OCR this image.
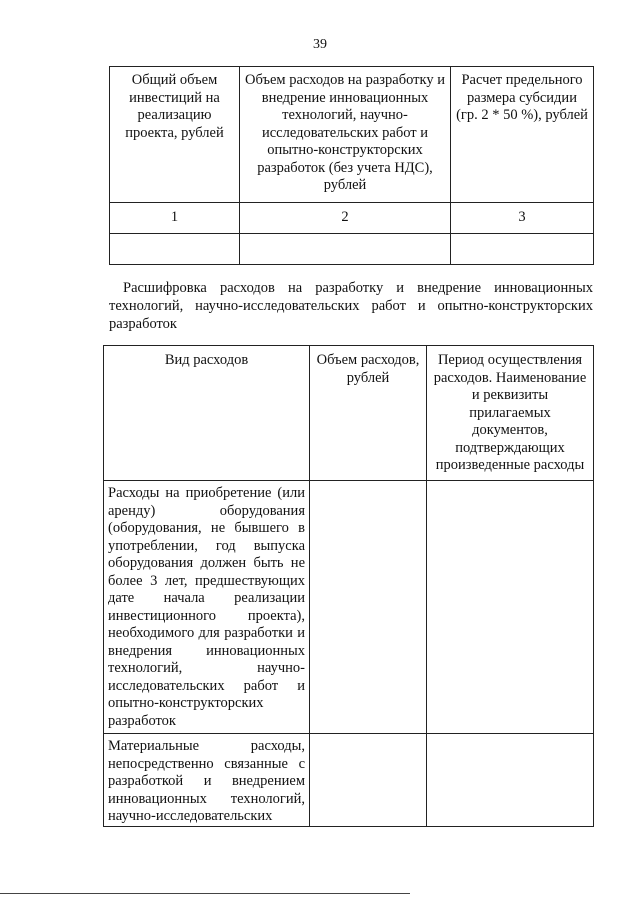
39
Общий объем инвестиций на реализацию проекта, рублей	Объем расходов на разработку и внедрение инновационных технологий, научно-исследовательских работ и опытно-конструкторских разработок (без учета НДС), рублей	Расчет предельного размера субсидии (гр. 2 * 50 %), рублей
1	2	3

Расшифровка расходов на разработку и внедрение инновационных технологий, научно-исследовательских работ и опытно-конструкторских разработок
Вид расходов	Объем расходов, рублей	Период осуществления расходов. Наименование и реквизиты прилагаемых документов, подтверждающих произведенные расходы
Расходы на приобретение (или аренду) оборудования (оборудования, не бывшего в употреблении, год выпуска оборудования должен быть не более 3 лет, предшествующих дате начала реализации инвестиционного проекта), необходимого для разработки и внедрения инновационных технологий, научно-исследовательских работ и опытно-конструкторских разработок		
Материальные расходы, непосредственно связанные с разработкой и внедрением инновационных технологий, научно-исследовательских		
